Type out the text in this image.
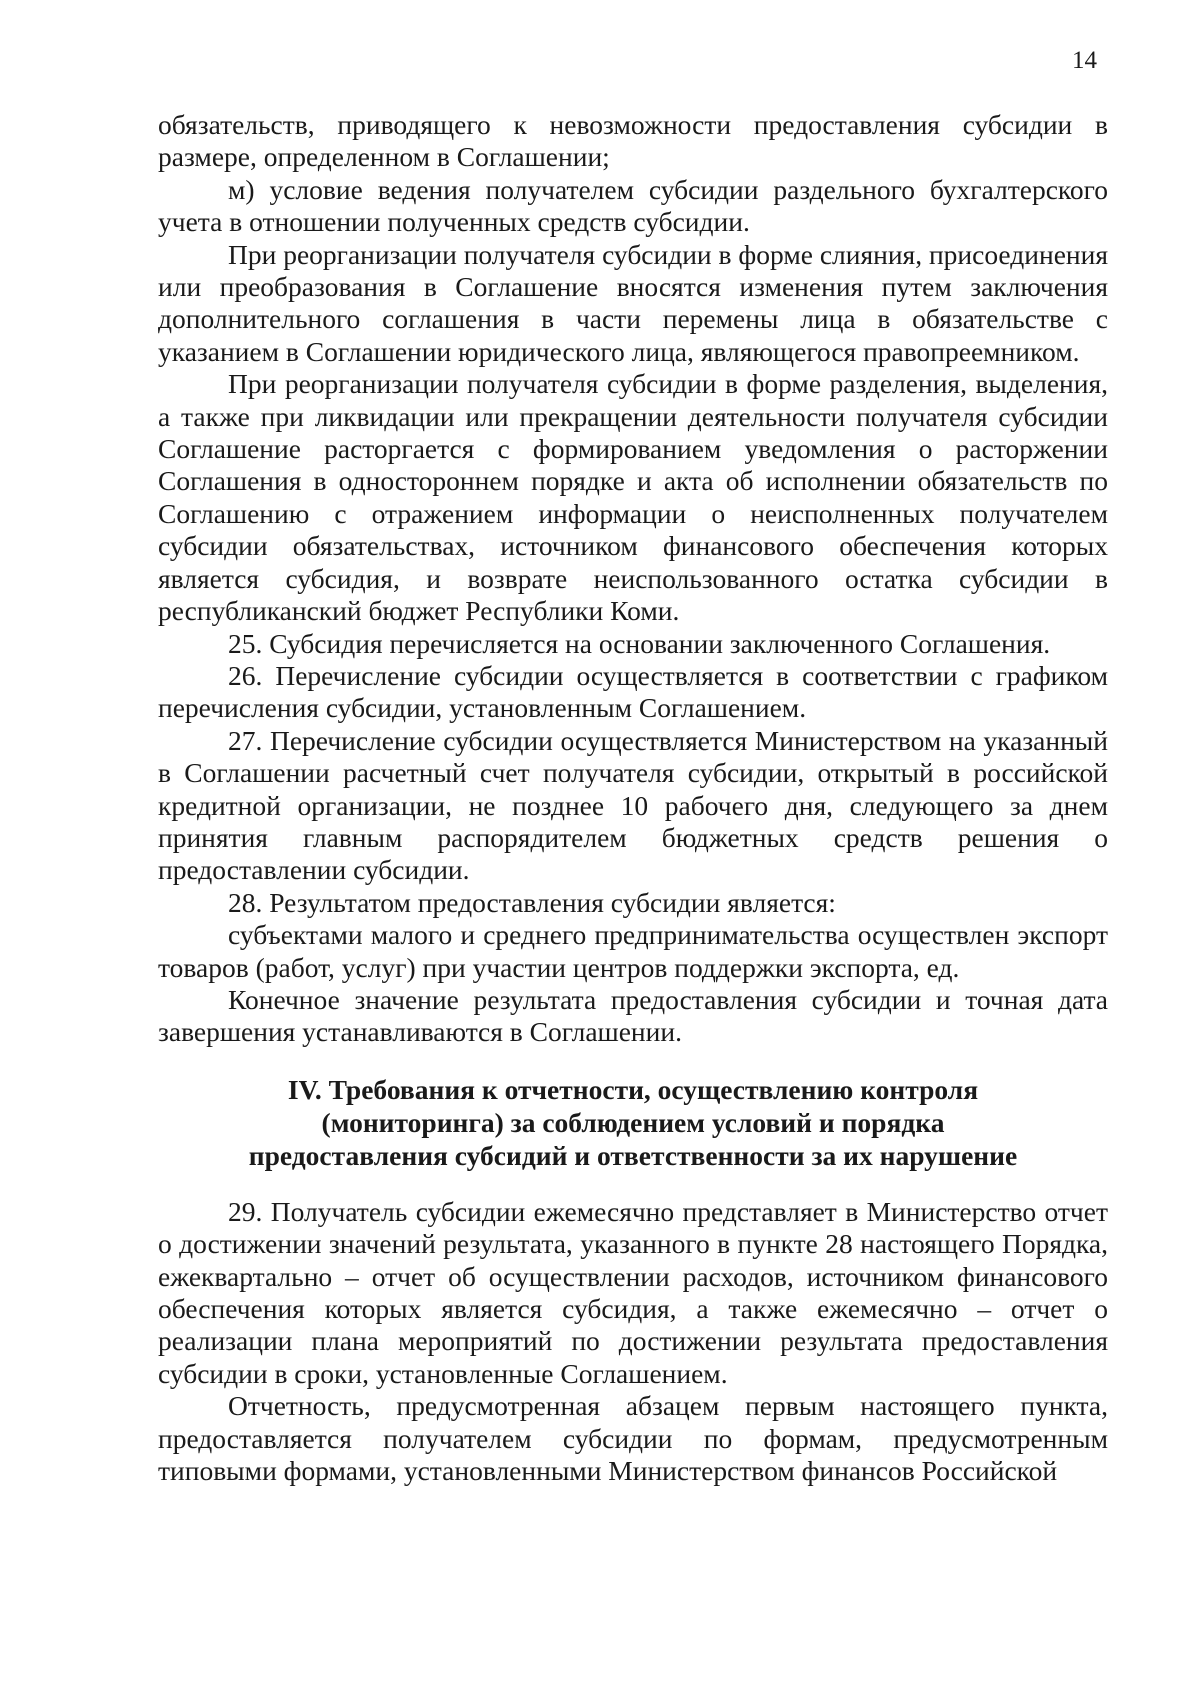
14

обязательств, приводящего к невозможности предоставления субсидии в размере, определенном в Соглашении;

м) условие ведения получателем субсидии раздельного бухгалтерского учета в отношении полученных средств субсидии.

При реорганизации получателя субсидии в форме слияния, присоединения или преобразования в Соглашение вносятся изменения путем заключения дополнительного соглашения в части перемены лица в обязательстве с указанием в Соглашении юридического лица, являющегося правопреемником.

При реорганизации получателя субсидии в форме разделения, выделения, а также при ликвидации или прекращении деятельности получателя субсидии Соглашение расторгается с формированием уведомления о расторжении Соглашения в одностороннем порядке и акта об исполнении обязательств по Соглашению с отражением информации о неисполненных получателем субсидии обязательствах, источником финансового обеспечения которых является субсидия, и возврате неиспользованного остатка субсидии в республиканский бюджет Республики Коми.

25. Субсидия перечисляется на основании заключенного Соглашения.

26. Перечисление субсидии осуществляется в соответствии с графиком перечисления субсидии, установленным Соглашением.

27. Перечисление субсидии осуществляется Министерством на указанный в Соглашении расчетный счет получателя субсидии, открытый в российской кредитной организации, не позднее 10 рабочего дня, следующего за днем принятия главным распорядителем бюджетных средств решения о предоставлении субсидии.

28. Результатом предоставления субсидии является:

субъектами малого и среднего предпринимательства осуществлен экспорт товаров (работ, услуг) при участии центров поддержки экспорта, ед.

Конечное значение результата предоставления субсидии и точная дата завершения устанавливаются в Соглашении.

IV. Требования к отчетности, осуществлению контроля
(мониторинга) за соблюдением условий и порядка
предоставления субсидий и ответственности за их нарушение

29. Получатель субсидии ежемесячно представляет в Министерство отчет о достижении значений результата, указанного в пункте 28 настоящего Порядка, ежеквартально – отчет об осуществлении расходов, источником финансового обеспечения которых является субсидия, а также ежемесячно – отчет о реализации плана мероприятий по достижении результата предоставления субсидии в сроки, установленные Соглашением.

Отчетность, предусмотренная абзацем первым настоящего пункта, предоставляется получателем субсидии по формам, предусмотренным типовыми формами, установленными Министерством финансов Российской
